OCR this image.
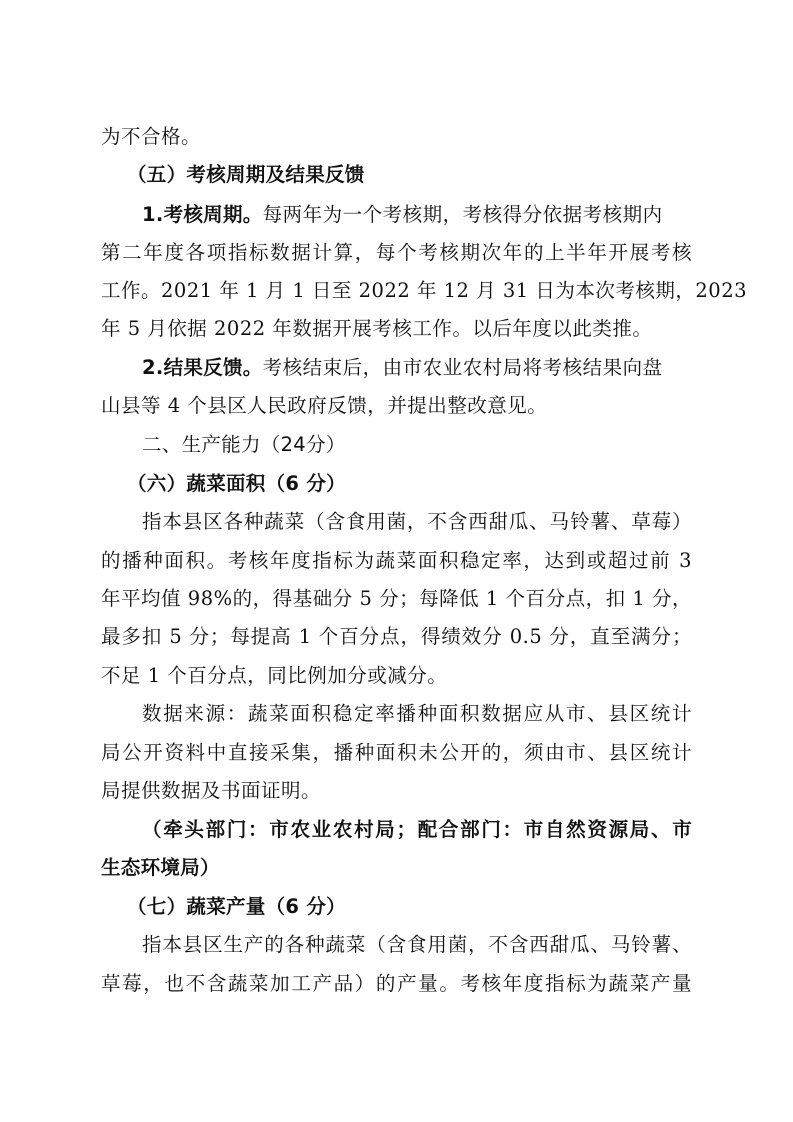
为不合格。
（五）考核周期及结果反馈
1.考核周期。每两年为一个考核期，考核得分依据考核期内
第二年度各项指标数据计算，每个考核期次年的上半年开展考核
工作。2021 年 1 月 1 日至 2022 年 12 月 31 日为本次考核期，2023
年 5 月依据 2022 年数据开展考核工作。以后年度以此类推。
2.结果反馈。考核结束后，由市农业农村局将考核结果向盘
山县等 4 个县区人民政府反馈，并提出整改意见。
二、生产能力（24分）
（六）蔬菜面积（6 分）
指本县区各种蔬菜（含食用菌，不含西甜瓜、马铃薯、草莓）
的播种面积。考核年度指标为蔬菜面积稳定率，达到或超过前 3
年平均值 98%的，得基础分 5 分；每降低 1 个百分点，扣 1 分，
最多扣 5 分；每提高 1 个百分点，得绩效分 0.5 分，直至满分；
不足 1 个百分点，同比例加分或减分。
数据来源：蔬菜面积稳定率播种面积数据应从市、县区统计
局公开资料中直接采集，播种面积未公开的，须由市、县区统计
局提供数据及书面证明。
（牵头部门：市农业农村局；配合部门：市自然资源局、市
生态环境局）
（七）蔬菜产量（6 分）
指本县区生产的各种蔬菜（含食用菌，不含西甜瓜、马铃薯、
草莓，也不含蔬菜加工产品）的产量。考核年度指标为蔬菜产量
